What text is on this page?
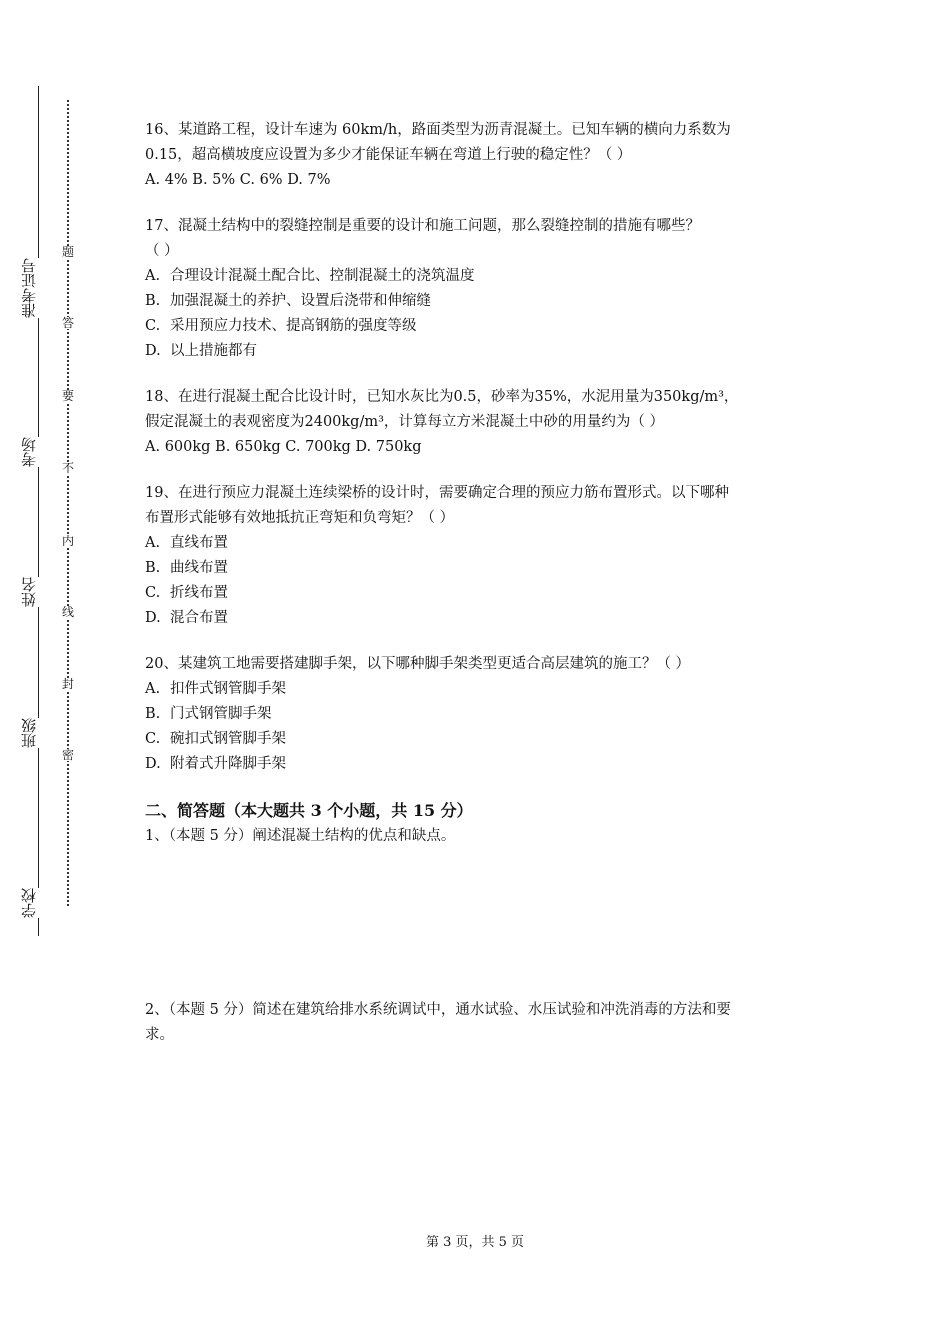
准考证号
考场
姓名
班级
学校
题
答
要
不
内
线
封
密

16、某道路工程，设计车速为 60km/h，路面类型为沥青混凝土。已知车辆的横向力系数为

0.15，超高横坡度应设置为多少才能保证车辆在弯道上行驶的稳定性？（ ）

A. 4% B. 5% C. 6% D. 7%

17、混凝土结构中的裂缝控制是重要的设计和施工问题，那么裂缝控制的措施有哪些？

（ ）

A. 合理设计混凝土配合比、控制混凝土的浇筑温度

B. 加强混凝土的养护、设置后浇带和伸缩缝

C. 采用预应力技术、提高钢筋的强度等级

D. 以上措施都有

18、在进行混凝土配合比设计时，已知水灰比为0.5，砂率为35%，水泥用量为350kg/m³，

假定混凝土的表观密度为2400kg/m³，计算每立方米混凝土中砂的用量约为（ ）

A. 600kg B. 650kg C. 700kg D. 750kg

19、在进行预应力混凝土连续梁桥的设计时，需要确定合理的预应力筋布置形式。以下哪种

布置形式能够有效地抵抗正弯矩和负弯矩？（ ）

A. 直线布置

B. 曲线布置

C. 折线布置

D. 混合布置

20、某建筑工地需要搭建脚手架，以下哪种脚手架类型更适合高层建筑的施工？（ ）

A. 扣件式钢管脚手架

B. 门式钢管脚手架

C. 碗扣式钢管脚手架

D. 附着式升降脚手架

二、简答题（本大题共 3 个小题，共 15 分）

1、（本题 5 分）阐述混凝土结构的优点和缺点。

2、（本题 5 分）简述在建筑给排水系统调试中，通水试验、水压试验和冲洗消毒的方法和要

求。

第 3 页，共 5 页
